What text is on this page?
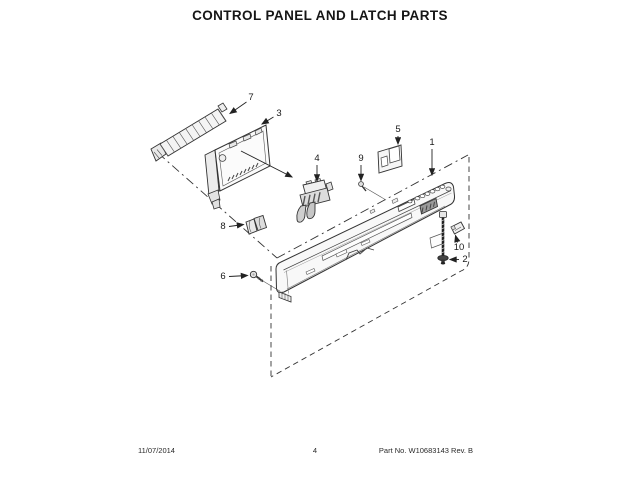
CONTROL PANEL AND LATCH PARTS
1
2
3
4
5
6
7
8
9
10
11/07/2014	4	Part No. W10683143 Rev. B
